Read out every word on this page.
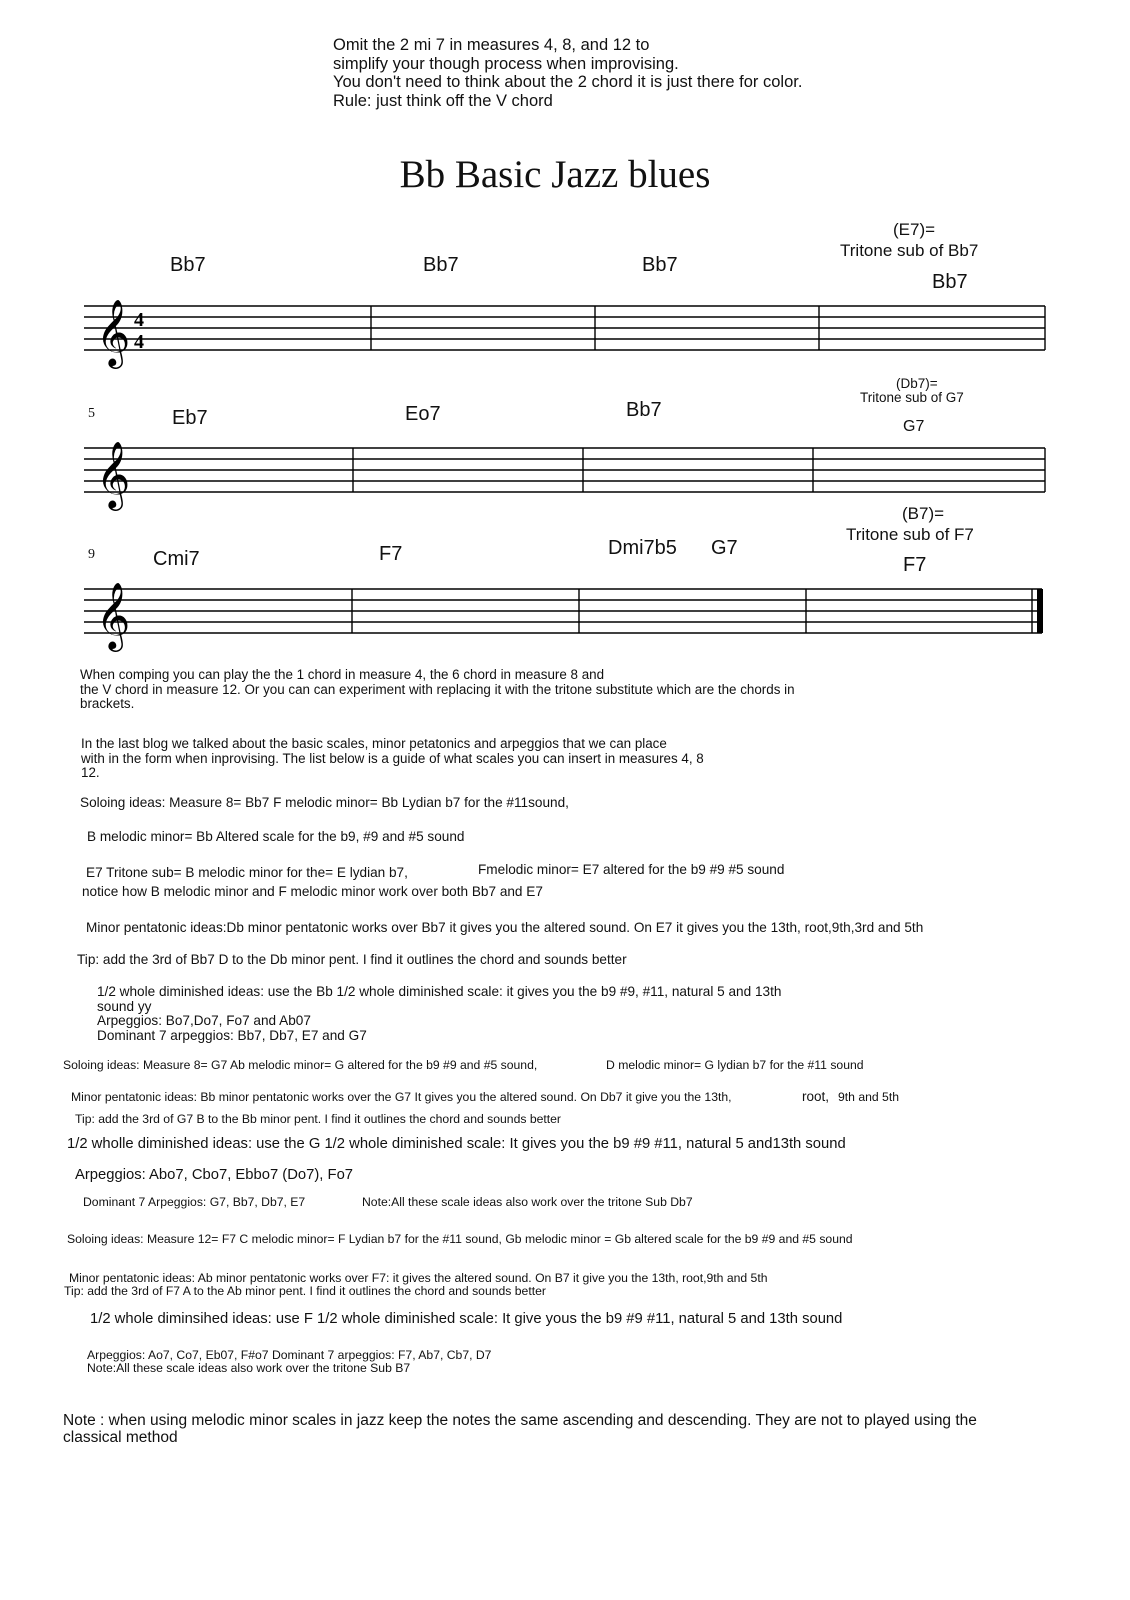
Omit the 2 mi 7 in measures 4, 8, and 12 to
simplify your though process when improvising.
You don't need to think about the 2 chord it is just there for color.
Rule: just think off the V chord
Bb Basic Jazz blues
𝄞
𝄞
𝄞
4
4
5
9
Bb7	Bb7	Bb7
(E7)=
Tritone sub of Bb7
Bb7
Eb7	Eo7	Bb7
(Db7)=
Tritone sub of G7
G7
Cmi7	F7	Dmi7b5 G7
(B7)=
Tritone sub of F7
F7
When comping you can play the the 1 chord in measure 4, the 6 chord in measure 8 and
the V chord in measure 12. Or you can can experiment with replacing it with the tritone substitute which are the chords in
brackets.
In the last blog we talked about the basic scales, minor petatonics and arpeggios that we can place
with in the form when inprovising. The list below is a guide of what scales you can insert in measures 4, 8
12.
Soloing ideas: Measure 8= Bb7 F melodic minor= Bb Lydian b7 for the #11sound,
B melodic minor= Bb Altered scale for the b9, #9 and #5 sound
E7 Tritone sub= B melodic minor for the= E lydian b7,	Fmelodic minor= E7 altered for the b9 #9 #5 sound
notice how B melodic minor and F melodic minor work over both Bb7 and E7
Minor pentatonic ideas:Db minor pentatonic works over Bb7 it gives you the altered sound. On E7 it gives you the 13th, root,9th,3rd and 5th
Tip: add the 3rd of Bb7 D to the Db minor pent. I find it outlines the chord and sounds better
1/2 whole diminished ideas: use the Bb 1/2 whole diminished scale: it gives you the b9 #9, #11, natural 5 and 13th
sound yy
Arpeggios: Bo7,Do7, Fo7 and Ab07
Dominant 7 arpeggios: Bb7, Db7, E7 and G7
Soloing ideas: Measure 8= G7 Ab melodic minor= G altered for the b9 #9 and #5 sound,	D melodic minor= G lydian b7 for the #11 sound
Minor pentatonic ideas: Bb minor pentatonic works over the G7 It gives you the altered sound. On Db7 it give you the 13th,	root, 9th and 5th
Tip: add the 3rd of G7 B to the Bb minor pent. I find it outlines the chord and sounds better
1/2 wholle diminished ideas: use the G 1/2 whole diminished scale: It gives you the b9 #9 #11, natural 5 and13th sound
Arpeggios: Abo7, Cbo7, Ebbo7 (Do7), Fo7
Dominant 7 Arpeggios: G7, Bb7, Db7, E7	Note:All these scale ideas also work over the tritone Sub Db7
Soloing ideas: Measure 12= F7 C melodic minor= F Lydian b7 for the #11 sound, Gb melodic minor = Gb altered scale for the b9 #9 and #5 sound
Minor pentatonic ideas: Ab minor pentatonic works over F7: it gives the altered sound. On B7 it give you the 13th, root,9th and 5th
Tip: add the 3rd of F7 A to the Ab minor pent. I find it outlines the chord and sounds better
1/2 whole diminsihed ideas: use F 1/2 whole diminished scale: It give yous the b9 #9 #11, natural 5 and 13th sound
Arpeggios: Ao7, Co7, Eb07, F#o7 Dominant 7 arpeggios: F7, Ab7, Cb7, D7
Note:All these scale ideas also work over the tritone Sub B7
Note : when using melodic minor scales in jazz keep the notes the same ascending and descending. They are not to played using the
classical method
